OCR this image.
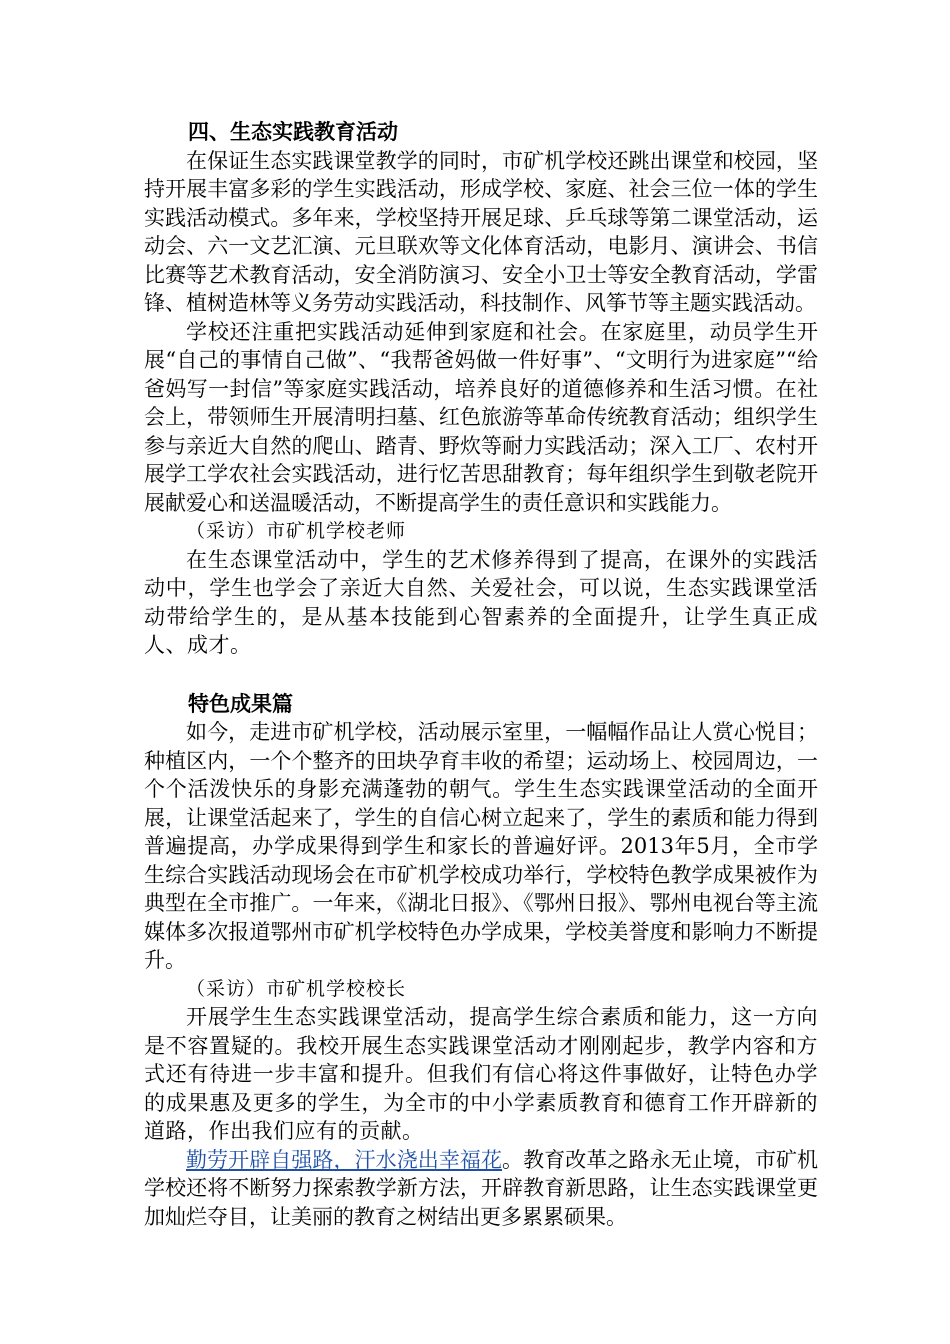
四、生态实践教育活动

在保证生态实践课堂教学的同时，市矿机学校还跳出课堂和校园，坚持开展丰富多彩的学生实践活动，形成学校、家庭、社会三位一体的学生实践活动模式。多年来，学校坚持开展足球、乒乓球等第二课堂活动，运动会、六一文艺汇演、元旦联欢等文化体育活动，电影月、演讲会、书信比赛等艺术教育活动，安全消防演习、安全小卫士等安全教育活动，学雷锋、植树造林等义务劳动实践活动，科技制作、风筝节等主题实践活动。

学校还注重把实践活动延伸到家庭和社会。在家庭里，动员学生开展“自己的事情自己做”、“我帮爸妈做一件好事”、“文明行为进家庭”“给爸妈写一封信”等家庭实践活动，培养良好的道德修养和生活习惯。在社会上，带领师生开展清明扫墓、红色旅游等革命传统教育活动；组织学生参与亲近大自然的爬山、踏青、野炊等耐力实践活动；深入工厂、农村开展学工学农社会实践活动，进行忆苦思甜教育；每年组织学生到敬老院开展献爱心和送温暖活动，不断提高学生的责任意识和实践能力。

（采访）市矿机学校老师

在生态课堂活动中，学生的艺术修养得到了提高，在课外的实践活动中，学生也学会了亲近大自然、关爱社会，可以说，生态实践课堂活动带给学生的，是从基本技能到心智素养的全面提升，让学生真正成人、成才。

特色成果篇

如今，走进市矿机学校，活动展示室里，一幅幅作品让人赏心悦目；种植区内，一个个整齐的田块孕育丰收的希望；运动场上、校园周边，一个个活泼快乐的身影充满蓬勃的朝气。学生生态实践课堂活动的全面开展，让课堂活起来了，学生的自信心树立起来了，学生的素质和能力得到普遍提高，办学成果得到学生和家长的普遍好评。2013年5月，全市学生综合实践活动现场会在市矿机学校成功举行，学校特色教学成果被作为典型在全市推广。一年来，《湖北日报》、《鄂州日报》、鄂州电视台等主流媒体多次报道鄂州市矿机学校特色办学成果，学校美誉度和影响力不断提升。

（采访）市矿机学校校长

开展学生生态实践课堂活动，提高学生综合素质和能力，这一方向是不容置疑的。我校开展生态实践课堂活动才刚刚起步，教学内容和方式还有待进一步丰富和提升。但我们有信心将这件事做好，让特色办学的成果惠及更多的学生，为全市的中小学素质教育和德育工作开辟新的道路，作出我们应有的贡献。

勤劳开辟自强路，汗水浇出幸福花。教育改革之路永无止境，市矿机学校还将不断努力探索教学新方法，开辟教育新思路，让生态实践课堂更加灿烂夺目，让美丽的教育之树结出更多累累硕果。
